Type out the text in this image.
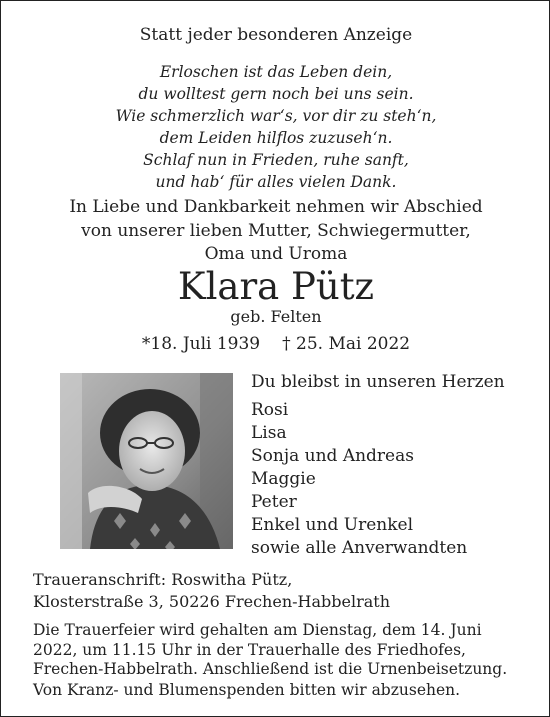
Statt jeder besonderen Anzeige
Erloschen ist das Leben dein,
du wolltest gern noch bei uns sein.
Wie schmerzlich war‘s, vor dir zu steh‘n,
dem Leiden hilflos zuzuseh‘n.
Schlaf nun in Frieden, ruhe sanft,
und hab‘ für alles vielen Dank.
In Liebe und Dankbarkeit nehmen wir Abschied
von unserer lieben Mutter, Schwiegermutter,
Oma und Uroma
Klara Pütz
geb. Felten
*18. Juli 1939 † 25. Mai 2022
Du bleibst in unseren Herzen
Rosi
Lisa
Sonja und Andreas
Maggie
Peter
Enkel und Urenkel
sowie alle Anverwandten
Traueranschrift: Roswitha Pütz,
Klosterstraße 3, 50226 Frechen-Habbelrath
Die Trauerfeier wird gehalten am Dienstag, dem 14. Juni 2022, um 11.15 Uhr in der Trauerhalle des Friedhofes, Frechen-Habbelrath. Anschließend ist die Urnenbeisetzung.
Von Kranz- und Blumenspenden bitten wir abzusehen.
